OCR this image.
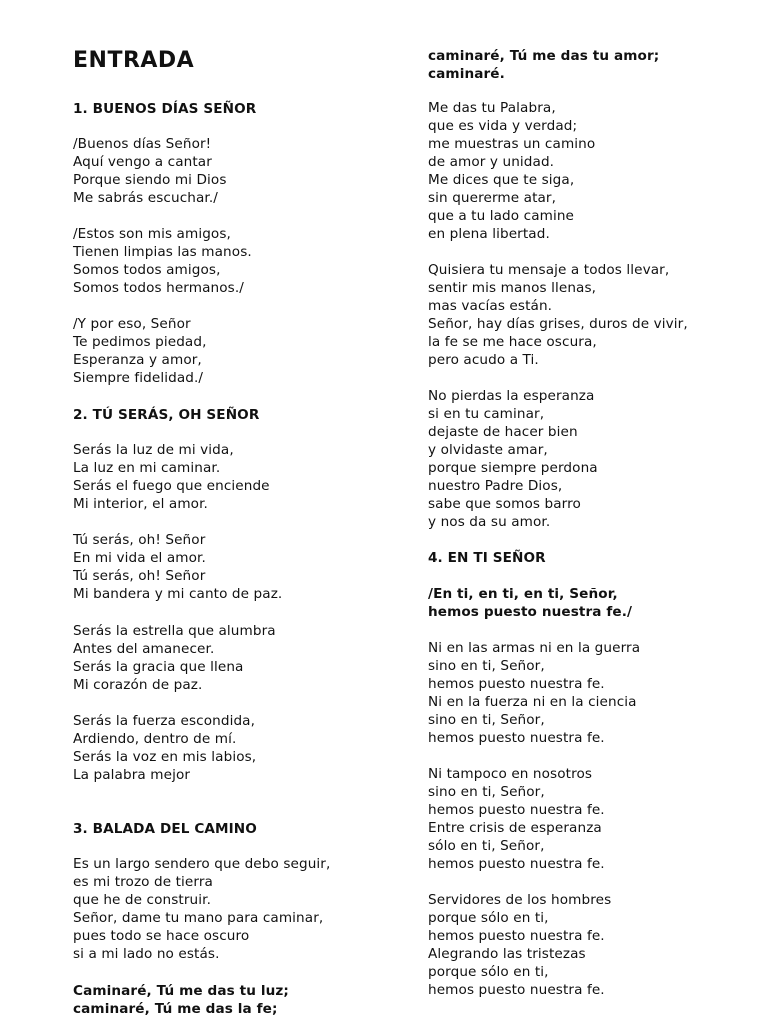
ENTRADA
1. BUENOS DÍAS SEÑOR
/Buenos días Señor!
Aquí vengo a cantar
Porque siendo mi Dios
Me sabrás escuchar./
/Estos son mis amigos,
Tienen limpias las manos.
Somos todos amigos,
Somos todos hermanos./
/Y por eso, Señor
Te pedimos piedad,
Esperanza y amor,
Siempre fidelidad./
2. TÚ SERÁS, OH SEÑOR
Serás la luz de mi vida,
La luz en mi caminar.
Serás el fuego que enciende
Mi interior, el amor.
Tú serás, oh! Señor
En mi vida el amor.
Tú serás, oh! Señor
Mi bandera y mi canto de paz.
Serás la estrella que alumbra
Antes del amanecer.
Serás la gracia que llena
Mi corazón de paz.
Serás la fuerza escondida,
Ardiendo, dentro de mí.
Serás la voz en mis labios,
La palabra mejor
3. BALADA DEL CAMINO
Es un largo sendero que debo seguir,
es mi trozo de tierra
que he de construir.
Señor, dame tu mano para caminar,
pues todo se hace oscuro
si a mi lado no estás.
Caminaré, Tú me das tu luz;
caminaré, Tú me das la fe;
caminaré, Tú me das tu amor;
caminaré.
Me das tu Palabra,
que es vida y verdad;
me muestras un camino
de amor y unidad.
Me dices que te siga,
sin quererme atar,
que a tu lado camine
en plena libertad.
Quisiera tu mensaje a todos llevar,
sentir mis manos llenas,
mas vacías están.
Señor, hay días grises, duros de vivir,
la fe se me hace oscura,
pero acudo a Ti.
No pierdas la esperanza
si en tu caminar,
dejaste de hacer bien
y olvidaste amar,
porque siempre perdona
nuestro Padre Dios,
sabe que somos barro
y nos da su amor.
4. EN TI SEÑOR
/En ti, en ti, en ti, Señor,
hemos puesto nuestra fe./
Ni en las armas ni en la guerra
sino en ti, Señor,
hemos puesto nuestra fe.
Ni en la fuerza ni en la ciencia
sino en ti, Señor,
hemos puesto nuestra fe.
Ni tampoco en nosotros
sino en ti, Señor,
hemos puesto nuestra fe.
Entre crisis de esperanza
sólo en ti, Señor,
hemos puesto nuestra fe.
Servidores de los hombres
porque sólo en ti,
hemos puesto nuestra fe.
Alegrando las tristezas
porque sólo en ti,
hemos puesto nuestra fe.
